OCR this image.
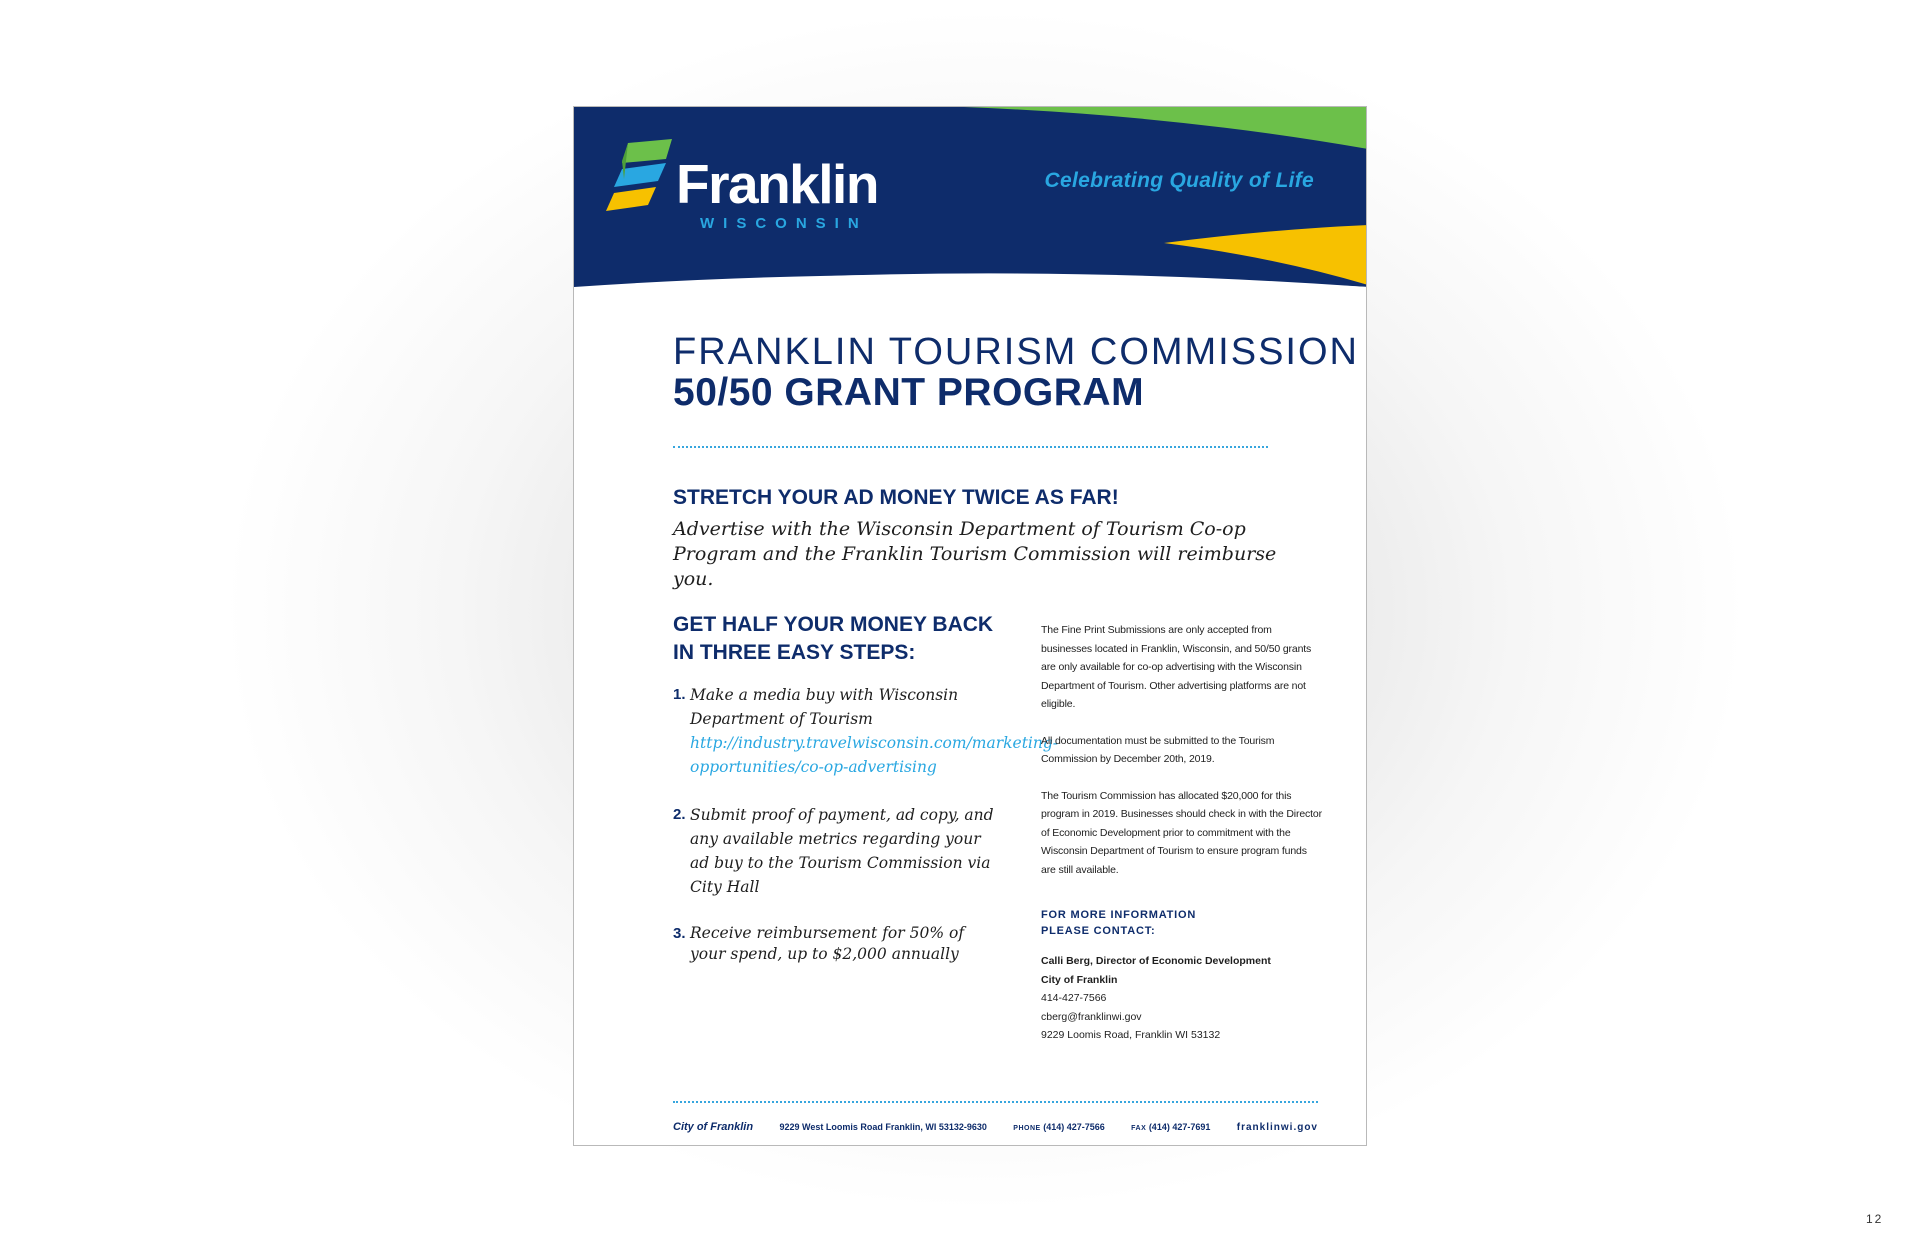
Franklin
WISCONSIN
Celebrating Quality of Life
FRANKLIN TOURISM COMMISSION
50/50 GRANT PROGRAM
STRETCH YOUR AD MONEY TWICE AS FAR!
Advertise with the Wisconsin Department of Tourism Co-op Program and the Franklin Tourism Commission will reimburse you.
GET HALF YOUR MONEY BACK
IN THREE EASY STEPS:
1. Make a media buy with Wisconsin Department of Tourism
http://industry.travelwisconsin.com/marketing-opportunities/co-op-advertising
2. Submit proof of payment, ad copy, and any available metrics regarding your ad buy to the Tourism Commission via City Hall
3. Receive reimbursement for 50% of your spend, up to $2,000 annually

The Fine Print Submissions are only accepted from businesses located in Franklin, Wisconsin, and 50/50 grants are only available for co-op advertising with the Wisconsin Department of Tourism. Other advertising platforms are not eligible.

All documentation must be submitted to the Tourism Commission by December 20th, 2019.

The Tourism Commission has allocated $20,000 for this program in 2019. Businesses should check in with the Director of Economic Development prior to commitment with the Wisconsin Department of Tourism to ensure program funds are still available.

FOR MORE INFORMATION
PLEASE CONTACT:
Calli Berg, Director of Economic Development
City of Franklin
414-427-7566
cberg@franklinwi.gov
9229 Loomis Road, Franklin WI 53132
City of Franklin	9229 West Loomis Road Franklin, WI 53132-9630	PHONE (414) 427-7566	FAX (414) 427-7691	franklinwi.gov
12
